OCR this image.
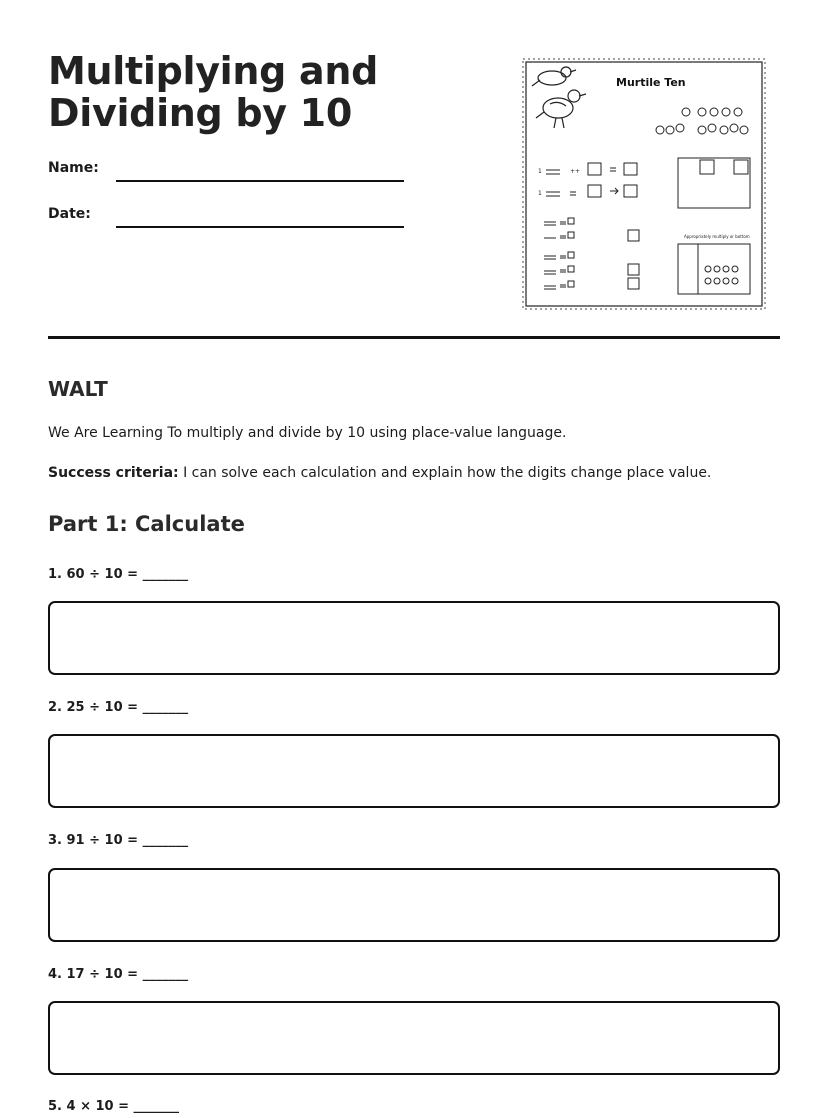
Multiplying and
Dividing by 10
Name:
Date:
Murtile Ten
1	++
1
Appropriately multiply or bottom
WALT
We Are Learning To multiply and divide by 10 using place-value language.
Success criteria: I can solve each calculation and explain how the digits change place value.
Part 1: Calculate
1. 60 ÷ 10 = _______
2. 25 ÷ 10 = _______
3. 91 ÷ 10 = _______
4. 17 ÷ 10 = _______
5. 4 × 10 = _______
